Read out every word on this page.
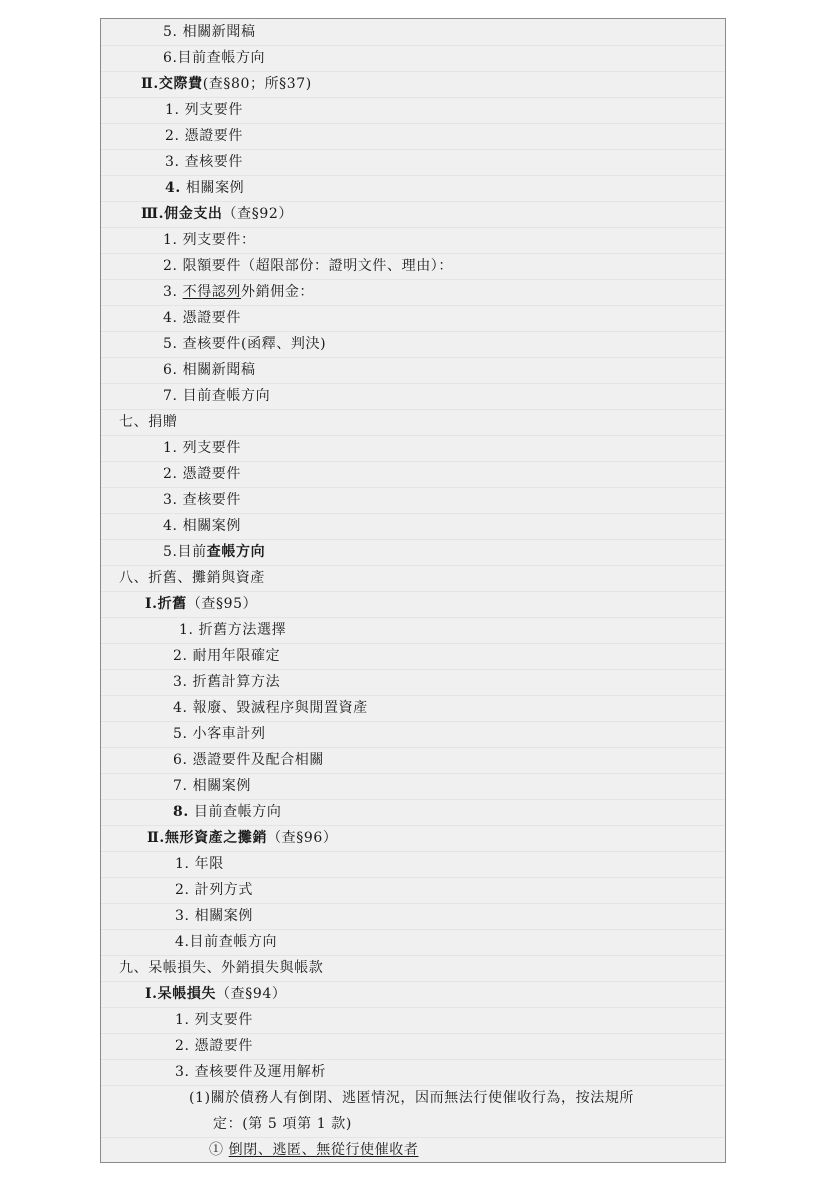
5. 相關新聞稿
6.目前查帳方向
Ⅱ.交際費(查§80；所§37)
1. 列支要件
2. 憑證要件
3. 查核要件
4. 相關案例
Ⅲ.佣金支出（查§92）
1. 列支要件：
2. 限額要件（超限部份：證明文件、理由）：
3. 不得認列外銷佣金：
4. 憑證要件
5. 查核要件(函釋、判決)
6. 相關新聞稿
7. 目前查帳方向
七、捐贈
1. 列支要件
2. 憑證要件
3. 查核要件
4. 相關案例
5.目前查帳方向
八、折舊、攤銷與資產
Ⅰ.折舊（查§95）
1. 折舊方法選擇
2. 耐用年限確定
3. 折舊計算方法
4. 報廢、毀滅程序與閒置資產
5. 小客車計列
6. 憑證要件及配合相關
7. 相關案例
8. 目前查帳方向
Ⅱ.無形資產之攤銷（查§96）
1. 年限
2. 計列方式
3. 相關案例
4.目前查帳方向
九、呆帳損失、外銷損失與帳款
Ⅰ.呆帳損失（查§94）
1. 列支要件
2. 憑證要件
3. 查核要件及運用解析
(1)關於債務人有倒閉、逃匿情況，因而無法行使催收行為，按法規所
定：(第 5 項第 1 款)
① 倒閉、逃匿、無從行使催收者
